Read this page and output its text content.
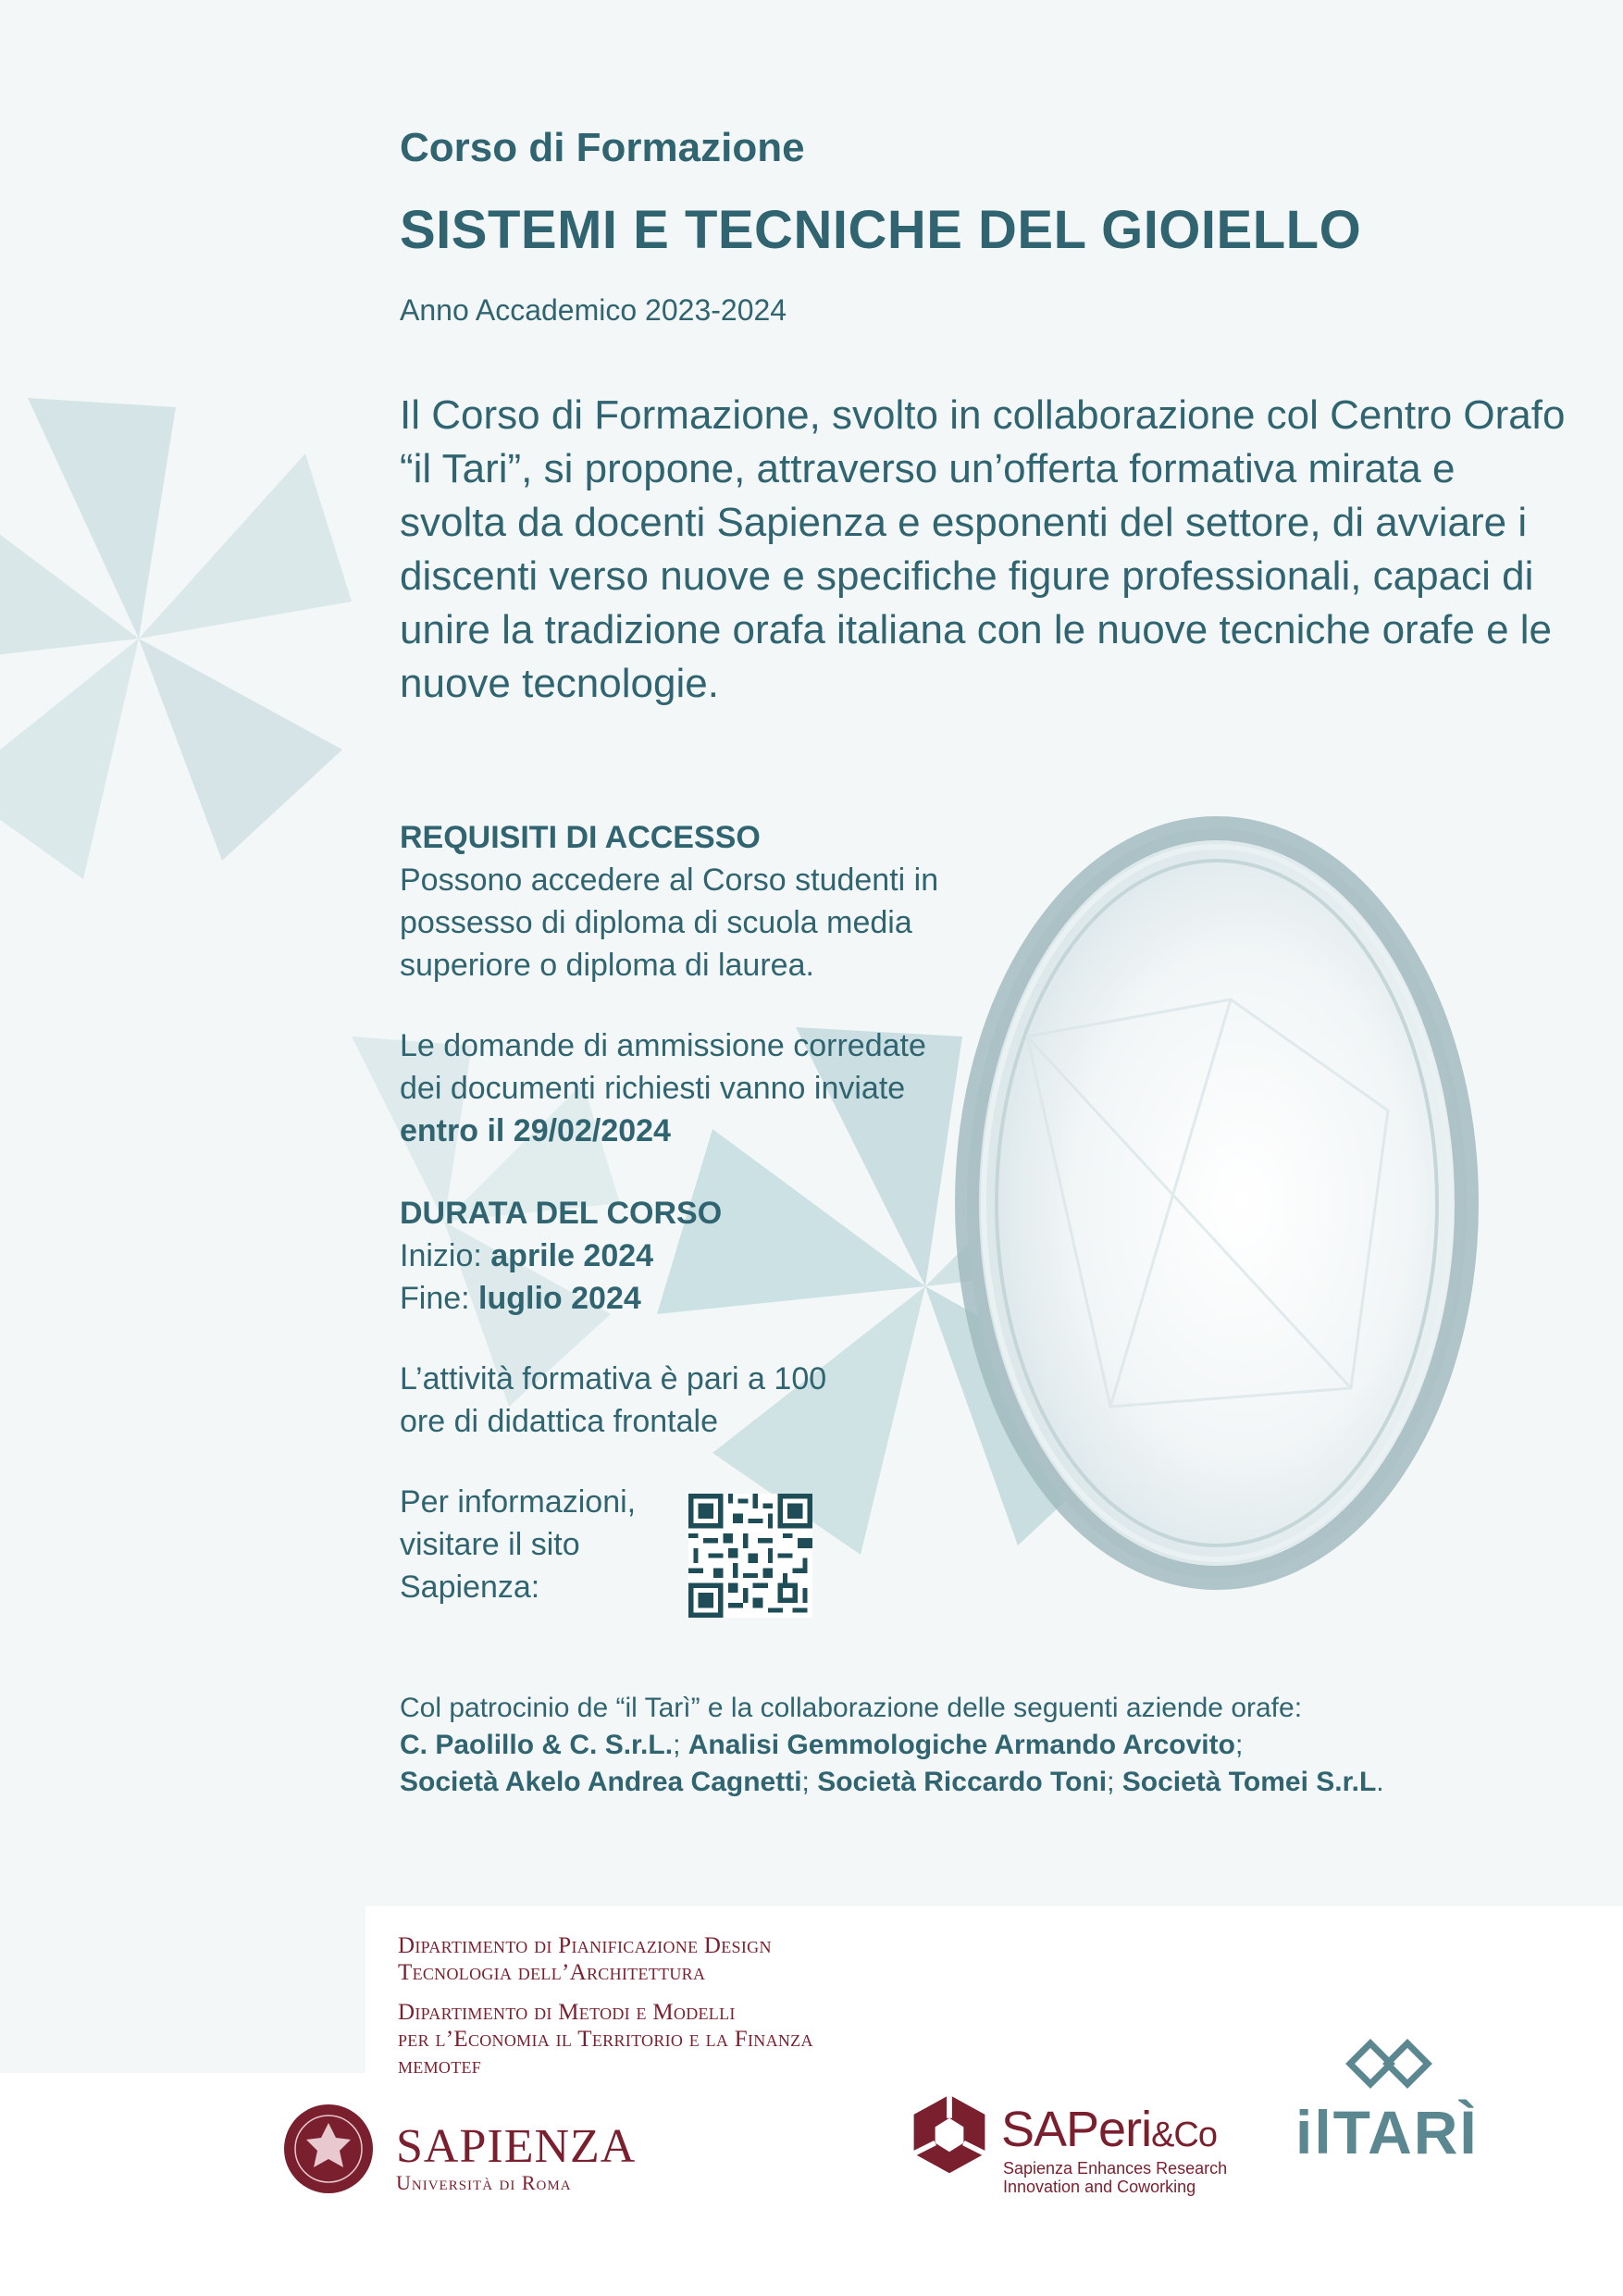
Corso di Formazione
SISTEMI E TECNICHE DEL GIOIELLO
Anno Accademico 2023-2024
Il Corso di Formazione, svolto in collaborazione col Centro Orafo “il Tari”, si propone, attraverso un’offerta formativa mirata e svolta da docenti Sapienza e esponenti del settore, di avviare i discenti verso nuove e specifiche figure professionali, capaci di unire la tradizione orafa italiana con le nuove tecniche orafe e le nuove tecnologie.
REQUISITI DI ACCESSO
Possono accedere al Corso studenti in possesso di diploma di scuola media superiore o diploma di laurea.
Le domande di ammissione corredate dei documenti richiesti vanno inviate entro il 29/02/2024
DURATA DEL CORSO
Inizio: aprile 2024
Fine: luglio 2024
L’attività formativa è pari a 100 ore di didattica frontale
Per informazioni, visitare il sito Sapienza:
Col patrocinio de “il Tarì” e la collaborazione delle seguenti aziende orafe:
C. Paolillo & C. S.r.L.; Analisi Gemmologiche Armando Arcovito;
Società Akelo Andrea Cagnetti; Società Riccardo Toni; Società Tomei S.r.L.
Dipartimento di Pianificazione Design
Tecnologia dell’Architettura
Dipartimento di Metodi e Modelli
per l’Economia il Territorio e la Finanza
memotef
SAPIENZA
Università di Roma
SAPeri&Co
Sapienza Enhances Research
Innovation and Coworking
ilTARÌ
